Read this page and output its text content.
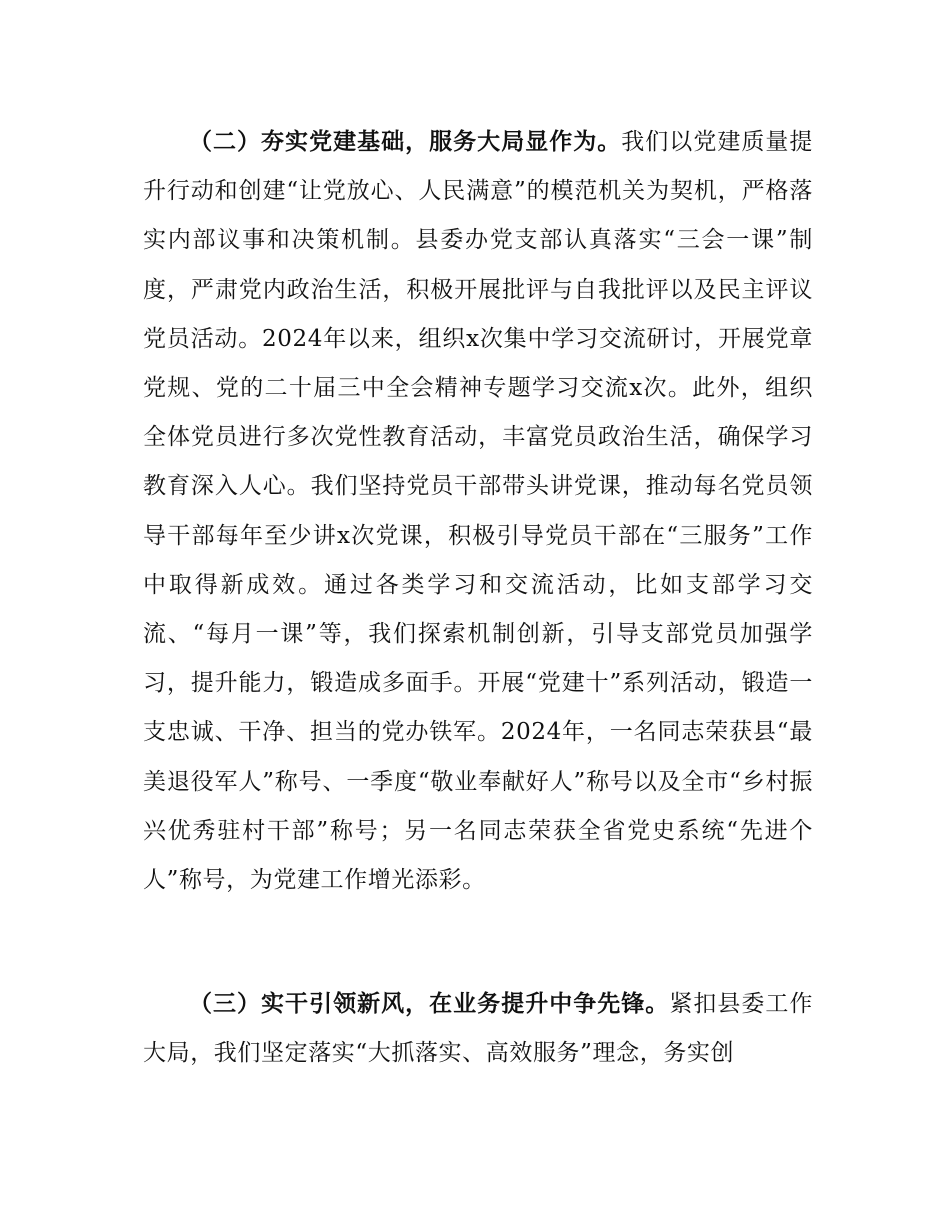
（二）夯实党建基础，服务大局显作为。我们以党建质量提升行动和创建“让党放心、人民满意”的模范机关为契机，严格落实内部议事和决策机制。县委办党支部认真落实“三会一课”制度，严肃党内政治生活，积极开展批评与自我批评以及民主评议党员活动。2024年以来，组织x次集中学习交流研讨，开展党章党规、党的二十届三中全会精神专题学习交流x次。此外，组织全体党员进行多次党性教育活动，丰富党员政治生活，确保学习教育深入人心。我们坚持党员干部带头讲党课，推动每名党员领导干部每年至少讲x次党课，积极引导党员干部在“三服务”工作中取得新成效。通过各类学习和交流活动，比如支部学习交流、“每月一课”等，我们探索机制创新，引导支部党员加强学习，提升能力，锻造成多面手。开展“党建十”系列活动，锻造一支忠诚、干净、担当的党办铁军。2024年，一名同志荣获县“最美退役军人”称号、一季度“敬业奉献好人”称号以及全市“乡村振兴优秀驻村干部”称号；另一名同志荣获全省党史系统“先进个人”称号，为党建工作增光添彩。

（三）实干引领新风，在业务提升中争先锋。紧扣县委工作大局，我们坚定落实“大抓落实、高效服务”理念，务实创
